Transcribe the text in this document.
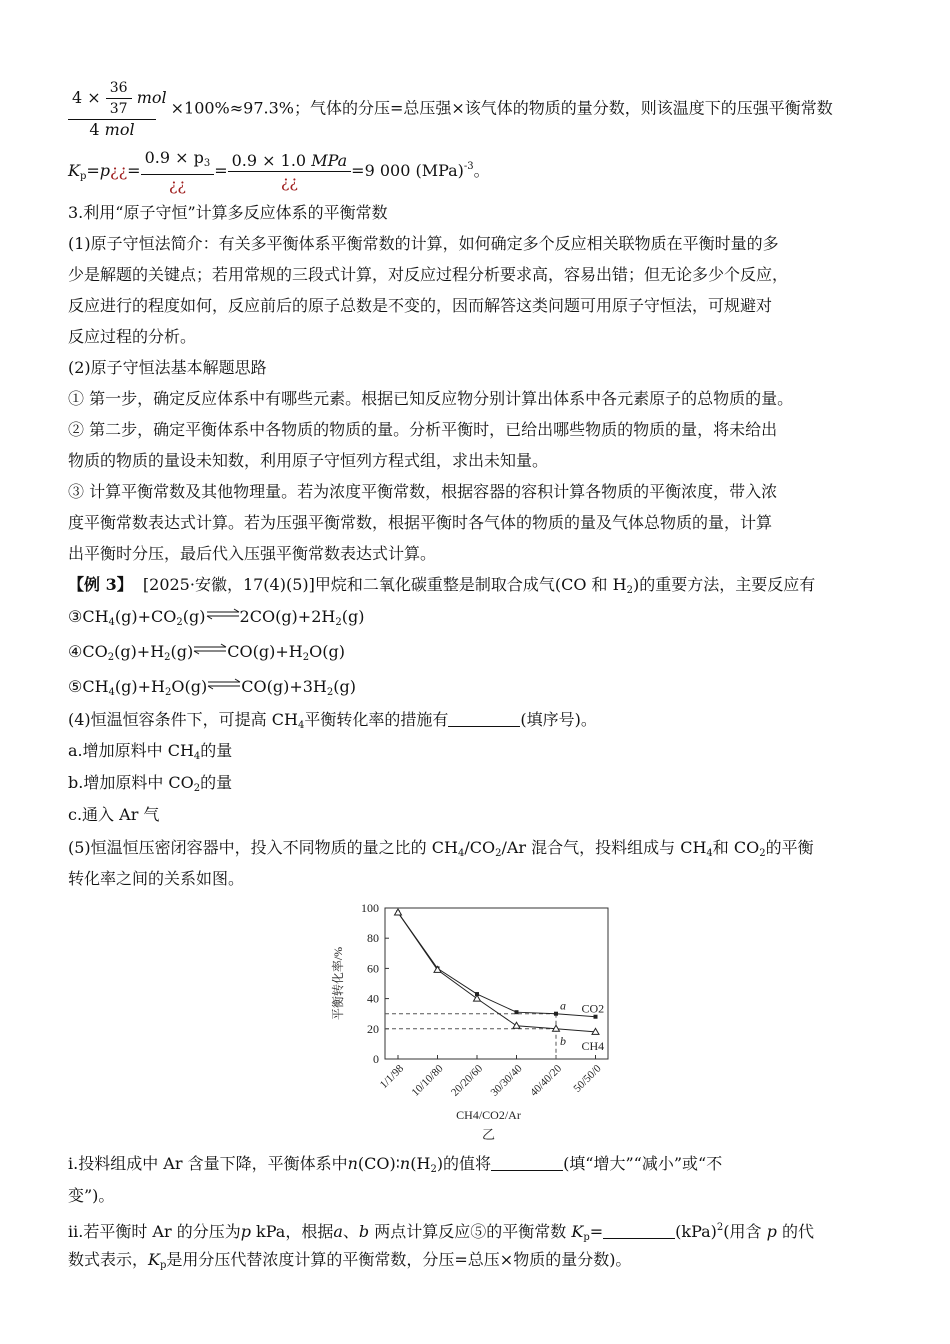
$\frac{4 \times \frac{36}{37} mol}{\text{4 mol}} \times 100\%\approx 97.3\%$；气体的分压=总压强×该气体的物质的量分数，则该温度下的压强平衡常数
$K_p=p¿¿= \frac{0.9 \times p_3}{¿¿} = \frac{\text{0.9 × 1.0 MPa}}{¿¿} =9$ 000 (MPa)$^{-3}$。
3.利用“原子守恒”计算多反应体系的平衡常数
(1)原子守恒法简介：有关多平衡体系平衡常数的计算，如何确定多个反应相关联物质在平衡时量的多
少是解题的关键点；若用常规的三段式计算，对反应过程分析要求高，容易出错；但无论多少个反应，
反应进行的程度如何，反应前后的原子总数是不变的，因而解答这类问题可用原子守恒法，可规避对
反应过程的分析。
(2)原子守恒法基本解题思路
① 第一步，确定反应体系中有哪些元素。根据已知反应物分别计算出体系中各元素原子的总物质的量。
② 第二步，确定平衡体系中各物质的物质的量。分析平衡时，已给出哪些物质的物质的量，将未给出
物质的物质的量设未知数，利用原子守恒列方程式组，求出未知量。
③ 计算平衡常数及其他物理量。若为浓度平衡常数，根据容器的容积计算各物质的平衡浓度，带入浓
度平衡常数表达式计算。若为压强平衡常数，根据平衡时各气体的物质的量及气体总物质的量，计算
出平衡时分压，最后代入压强平衡常数表达式计算。
【例 3】 [2025·安徽，17(4)(5)]甲烷和二氧化碳重整是制取合成气(CO 和 $H_2$)的重要方法，主要反应有
$③CH_4(g)+CO_2(g)\rightleftharpoons 2CO(g)+2H_2(g)$
$④CO_2(g)+H_2(g)\rightleftharpoons CO(g)+H_2O(g)$
$⑤CH_4(g)+H_2O(g)\rightleftharpoons CO(g)+3H_2(g)$
(4)恒温恒容条件下，可提高 $CH_4$平衡转化率的措施有	(填序号)。
a.增加原料中 $CH_4$的量
b.增加原料中 $CO_2$的量
c.通入 Ar 气
(5)恒温恒压密闭容器中，投入不同物质的量之比的 $CH_4/CO_2/Ar$ 混合气，投料组成与 $CH_4$和 $CO_2$的平衡
转化率之间的关系如图。
0
20
40
60
80
100
1/1/98 10/10/80 20/20/60 30/30/40 40/40/20 50/50/0
CO2
CH4
a
b
平衡转化率/%
CH4/CO2/Ar
乙
ⅰ.投料组成中 Ar 含量下降，平衡体系中$n(CO)∶n(H_2)$的值将	(填“增大”“减小”或“不
变”)。
ⅱ.若平衡时 Ar 的分压为p kPa，根据a、b 两点计算反应⑤的平衡常数 $K_p=$	(kPa)$^2$(用含 p 的代
数式表示，$K_p$是用分压代替浓度计算的平衡常数，分压=总压×物质的量分数)。
